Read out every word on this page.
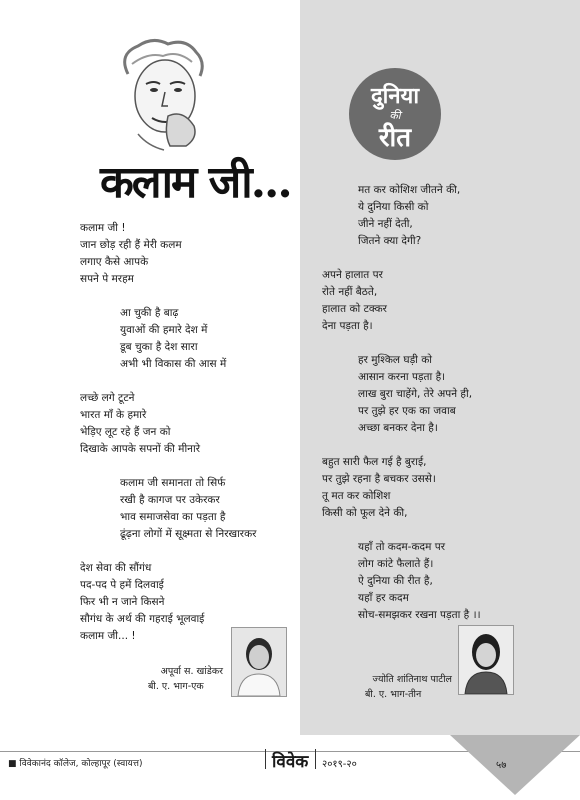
कलाम जी...
कलाम जी !
जान छोड़ रही हैं मेरी कलम
लगाए कैसे आपके
सपने पे मरहम
आ चुकी है बाढ़
युवाओं की हमारे देश में
डूब चुका है देश सारा
अभी भी विकास की आस में
लच्छे लगे टूटने
भारत माँ के हमारे
भेड़िए लूट रहे हैं जन को
दिखाके आपके सपनों की मीनारे
कलाम जी समानता तो सिर्फ
रखी है कागज पर उकेरकर
भाव समाजसेवा का पड़ता है
ढूंढ़ना लोगों में सूक्ष्मता से निरखारकर
देश सेवा की सौंगंध
पद-पद पे हमें दिलवाई
फिर भी न जाने किसने
सौगंध के अर्थ की गहराई भूलवाई
कलाम जी... !
अपूर्वा स. खांडेकर
बी. ए. भाग-एक
दुनिया
की
रीत
मत कर कोशिश जीतने की,
ये दुनिया किसी को
जीने नहीं देती,
जितने क्या देगी?
अपने हालात पर
रोते नहीं बैठते,
हालात को टक्कर
देना पड़ता है।
हर मुश्किल घड़ी को
आसान करना पड़ता है।
लाख बुरा चाहेंगे, तेरे अपने ही,
पर तुझे हर एक का जवाब
अच्छा बनकर देना है।
बहुत सारी फैल गई है बुराई,
पर तुझे रहना है बचकर उससे।
तू मत कर कोशिश
किसी को फूल देने की,
यहाँ तो कदम-कदम पर
लोग कांटे फैलाते हैं।
ऐ दुनिया की रीत है,
यहाँ हर कदम
सोच-समझकर रखना पड़ता है ।।
ज्योति शांतिनाथ पाटील
बी. ए. भाग-तीन
■ विवेकानंद कॉलेज, कोल्हापूर (स्वायत्त)	विवेक २०१९-२०	५७
